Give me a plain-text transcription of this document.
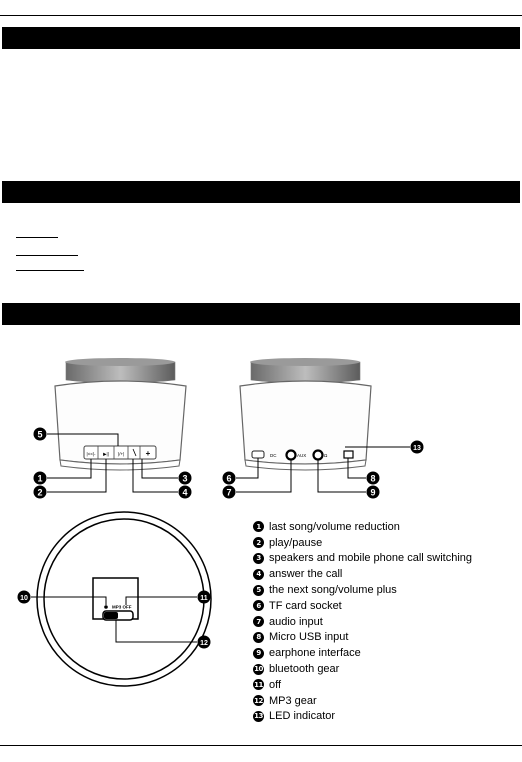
|<<|- ▶|| )/+|	+	DC	AUX	Ω
MP3 OFF
5
1
2
3
4
13
6
7
8
9
10	11
12
1 last song/volume reduction
2 play/pause
3 speakers and mobile phone call switching
4 answer the call
5 the next song/volume plus
6 TF card socket
7 audio input
8 Micro USB input
9 earphone interface
10 bluetooth gear
11 off
12 MP3 gear
13 LED indicator
